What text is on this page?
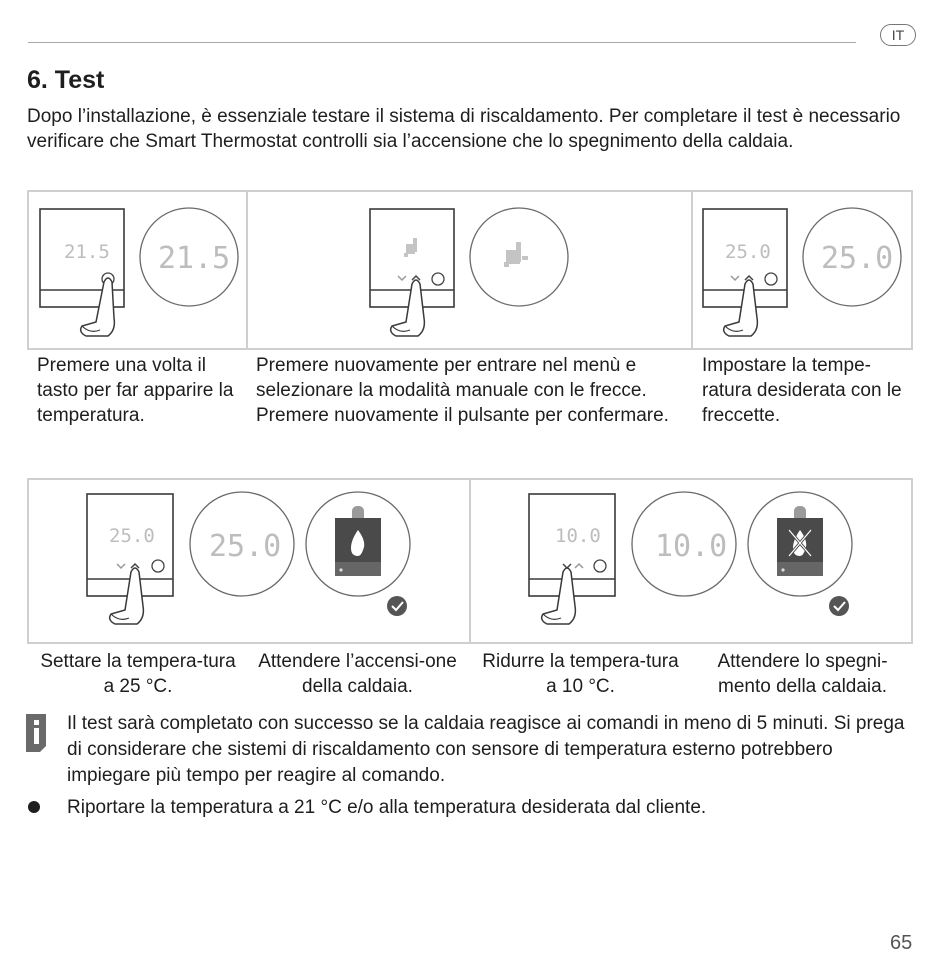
IT
6. Test

Dopo l’installazione, è essenziale testare il sistema di riscaldamento. Per completare il test è necessario verificare che Smart Thermostat controlli sia l’accensione che lo spegnimento della caldaia.

21.5 21.5	25.0 25.0

Premere una volta il tasto per far apparire la temperatura.

Premere nuovamente per entrare nel menù e selezionare la modalità manuale con le frecce. Premere nuovamente il pulsante per confermare.

Impostare la tempe-ratura desiderata con le freccette.

25.0 25.0	10.0 10.0

Settare la tempera-tura a 25 °C.

Attendere l’accensi-one della caldaia.

Ridurre la tempera-tura a 10 °C.

Attendere lo spegni-mento della caldaia.

Il test sarà completato con successo se la caldaia reagisce ai comandi in meno di 5 minuti. Si prega di considerare che sistemi di riscaldamento con sensore di temperatura esterno potrebbero impiegare più tempo per reagire al comando.

Riportare la temperatura a 21 °C e/o alla temperatura desiderata dal cliente.

65
